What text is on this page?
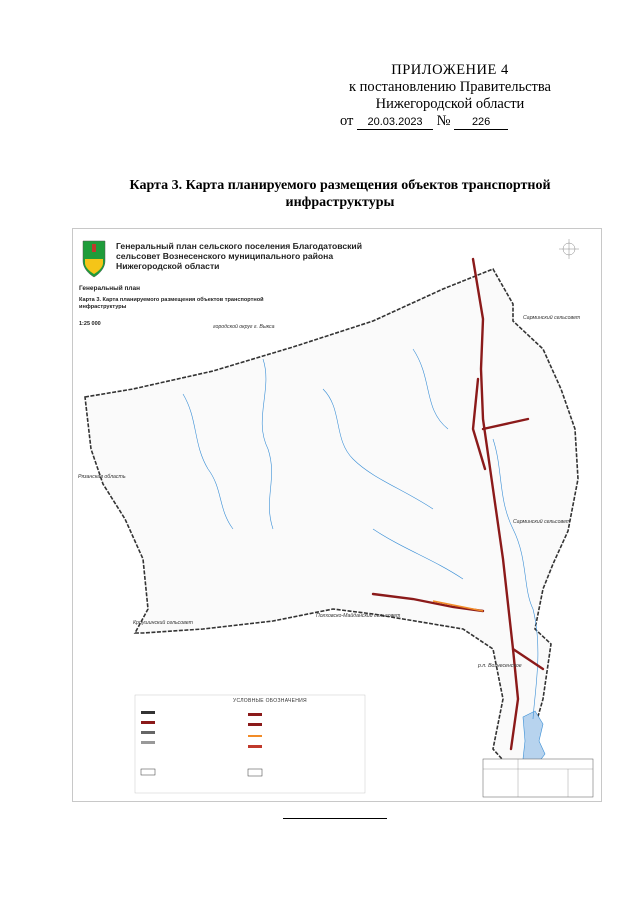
ПРИЛОЖЕНИЕ 4
к постановлению Правительства
Нижегородской области
от 20.03.2023 № 226
Карта 3. Карта планируемого размещения объектов транспортной инфраструктуры
Генеральный план сельского поселения Благодатовский сельсовет Вознесенского муниципального района Нижегородской области
Генеральный план
Карта 3. Карта планируемого размещения объектов транспортной инфраструктуры
1:25 000	городской округ г. Выкса
Сарминский сельсовет
Рязанская область
Сарминский сельсовет
Полховско-Майданский сельсовет
Криушинский сельсовет
р.п. Вознесенское
УСЛОВНЫЕ ОБОЗНАЧЕНИЯ
